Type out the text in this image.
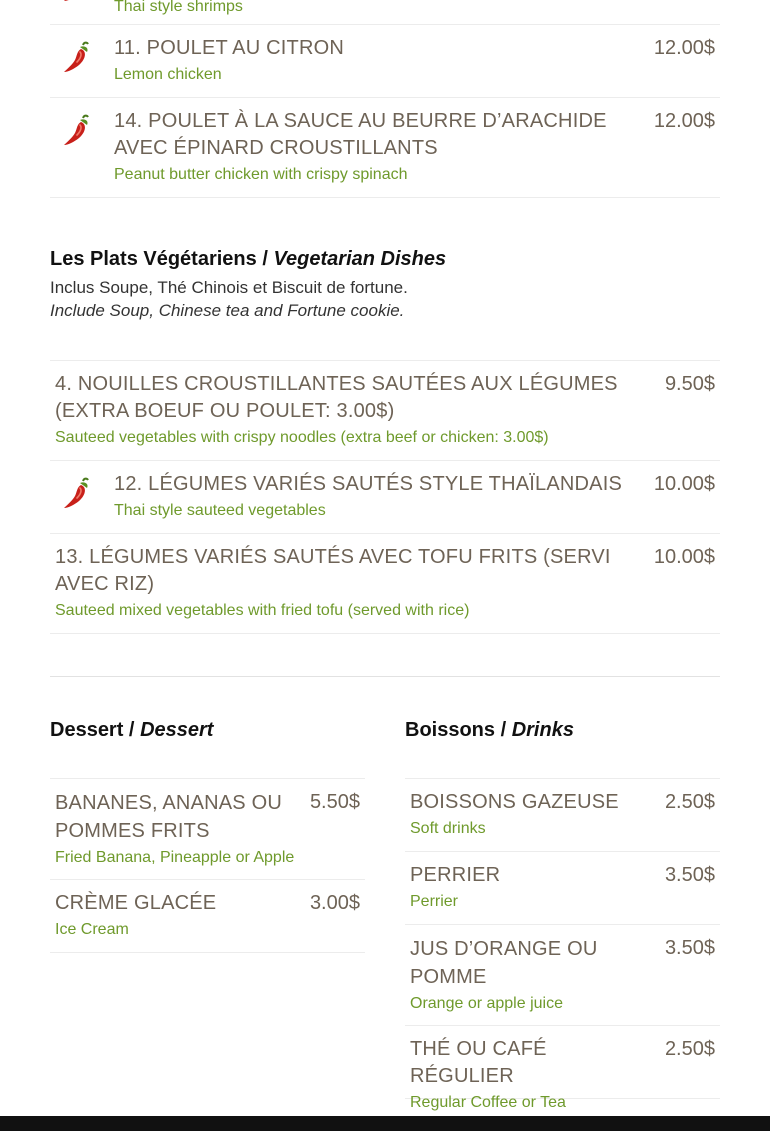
Thai style shrimps
11. POULET AU CITRON
Lemon chicken
12.00$
14. POULET À LA SAUCE AU BEURRE D’ARACHIDE AVEC ÉPINARD CROUSTILLANTS
Peanut butter chicken with crispy spinach
12.00$
Les Plats Végétariens / Vegetarian Dishes
Inclus Soupe, Thé Chinois et Biscuit de fortune.
Include Soup, Chinese tea and Fortune cookie.
4. NOUILLES CROUSTILLANTES SAUTÉES AUX LÉGUMES (EXTRA BOEUF OU POULET: 3.00$)
Sauteed vegetables with crispy noodles (extra beef or chicken: 3.00$)
9.50$
12. LÉGUMES VARIÉS SAUTÉS STYLE THAÏLANDAIS
Thai style sauteed vegetables
10.00$
13. LÉGUMES VARIÉS SAUTÉS AVEC TOFU FRITS (SERVI AVEC RIZ)
Sauteed mixed vegetables with fried tofu (served with rice)
10.00$
Dessert / Dessert
BANANES, ANANAS OU POMMES FRITS
Fried Banana, Pineapple or Apple
5.50$
CRÈME GLACÉE
Ice Cream
3.00$
Boissons / Drinks
BOISSONS GAZEUSE
Soft drinks
2.50$
PERRIER
Perrier
3.50$
JUS D’ORANGE OU POMME
Orange or apple juice
3.50$
THÉ OU CAFÉ RÉGULIER
Regular Coffee or Tea
2.50$
